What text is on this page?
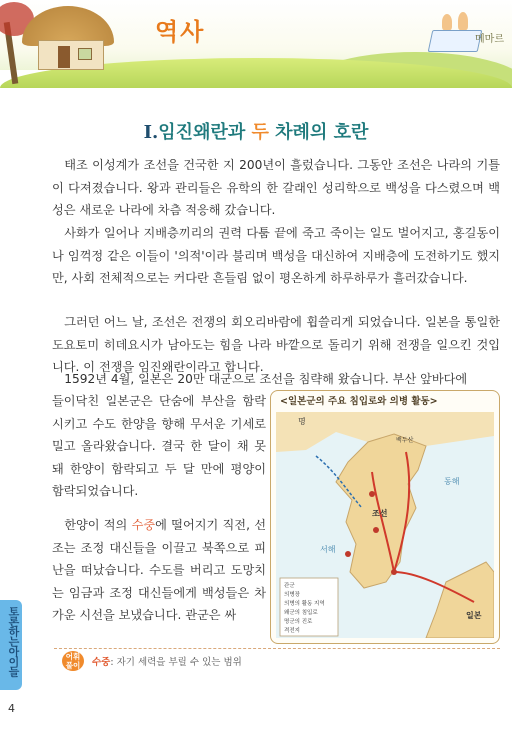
역사	메마르
I.임진왜란과 두 차례의 호란

태조 이성계가 조선을 건국한 지 200년이 흘렀습니다. 그동안 조선은 나라의 기틀이 다져졌습니다. 왕과 관리들은 유학의 한 갈래인 성리학으로 백성을 다스렸으며 백성은 새로운 나라에 차츰 적응해 갔습니다.

사화가 일어나 지배층끼리의 권력 다툼 끝에 죽고 죽이는 일도 벌어지고, 홍길동이나 임꺽정 같은 이들이 '의적'이라 불리며 백성을 대신하여 지배층에 도전하기도 했지만, 사회 전체적으로는 커다란 흔들림 없이 평온하게 하루하루가 흘러갔습니다.

그러던 어느 날, 조선은 전쟁의 회오리바람에 휩쓸리게 되었습니다. 일본을 통일한 도요토미 히데요시가 남아도는 힘을 나라 바깥으로 돌리기 위해 전쟁을 일으킨 것입니다. 이 전쟁을 임진왜란이라고 합니다.

1592년 4월, 일본은 20만 대군으로 조선을 침략해 왔습니다. 부산 앞바다에

들이닥친 일본군은 단숨에 부산을 함락시키고 수도 한양을 향해 무서운 기세로 밀고 올라왔습니다. 결국 한 달이 채 못돼 한양이 함락되고 두 달 만에 평양이 함락되었습니다.

한양이 적의 수중에 떨어지기 직전, 선조는 조정 대신들을 이끌고 북쪽으로 피난을 떠났습니다. 수도를 버리고 도망치는 임금과 조정 대신들에게 백성들은 차가운 시선을 보냈습니다. 관군은 싸

<일본군의 주요 침입로와 의병 활동>
명
백두산
조선
동해
서해
일본
관군
의병장
의병의 활동 지역
왜군의 침입로
명군의 진로
격전지
어휘 풀이	수중: 자기 세력을 부릴 수 있는 범위
토론하는아이들
4
